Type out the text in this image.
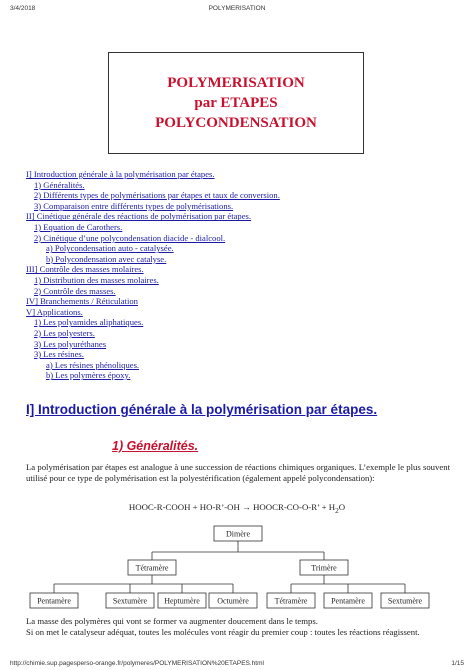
3/4/2018	POLYMERISATION
POLYMERISATION
par ETAPES
POLYCONDENSATION
I] Introduction générale à la polymérisation par étapes.
1) Généralités.
2) Différents types de polymérisations par étapes et taux de conversion.
3) Comparaison entre différents types de polymérisations.
II] Cinétique générale des réactions de polymérisation par étapes.
1) Equation de Carothers.
2) Cinétique d’une polycondensation diacide - dialcool.
a) Polycondensation auto - catalysée.
b) Polycondensation avec catalyse.
III] Contrôle des masses molaires.
1) Distribution des masses molaires.
2) Contrôle des masses.
IV] Branchements / Réticulation
V] Applications.
1) Les polyamides aliphatiques.
2) Les polyesters.
3) Les polyuréthanes
3) Les résines.
a) Les résines phénoliques.
b) Les polymères époxy.
I] Introduction générale à la polymérisation par étapes.
1) Généralités.
La polymérisation par étapes est analogue à une succession de réactions chimiques organiques. L’exemple le plus souvent utilisé pour ce type de polymérisation est la polyestérification (également appelé polycondensation):
HOOC-R-COOH + HO-R’-OH → HOOCR-CO-O-R’ + $H_2O$
Dimère
Tétramère	Trimère
Pentamère	Sextumère Heptumère Octumère	Tétramère	Pentamère	Sextumère
La masse des polymères qui vont se former va augmenter doucement dans le temps.
Si on met le catalyseur adéquat, toutes les molécules vont réagir du premier coup : toutes les réactions réagissent.
http://chimie.sup.pagesperso-orange.fr/polymeres/POLYMERISATION%20ETAPES.html	1/15
